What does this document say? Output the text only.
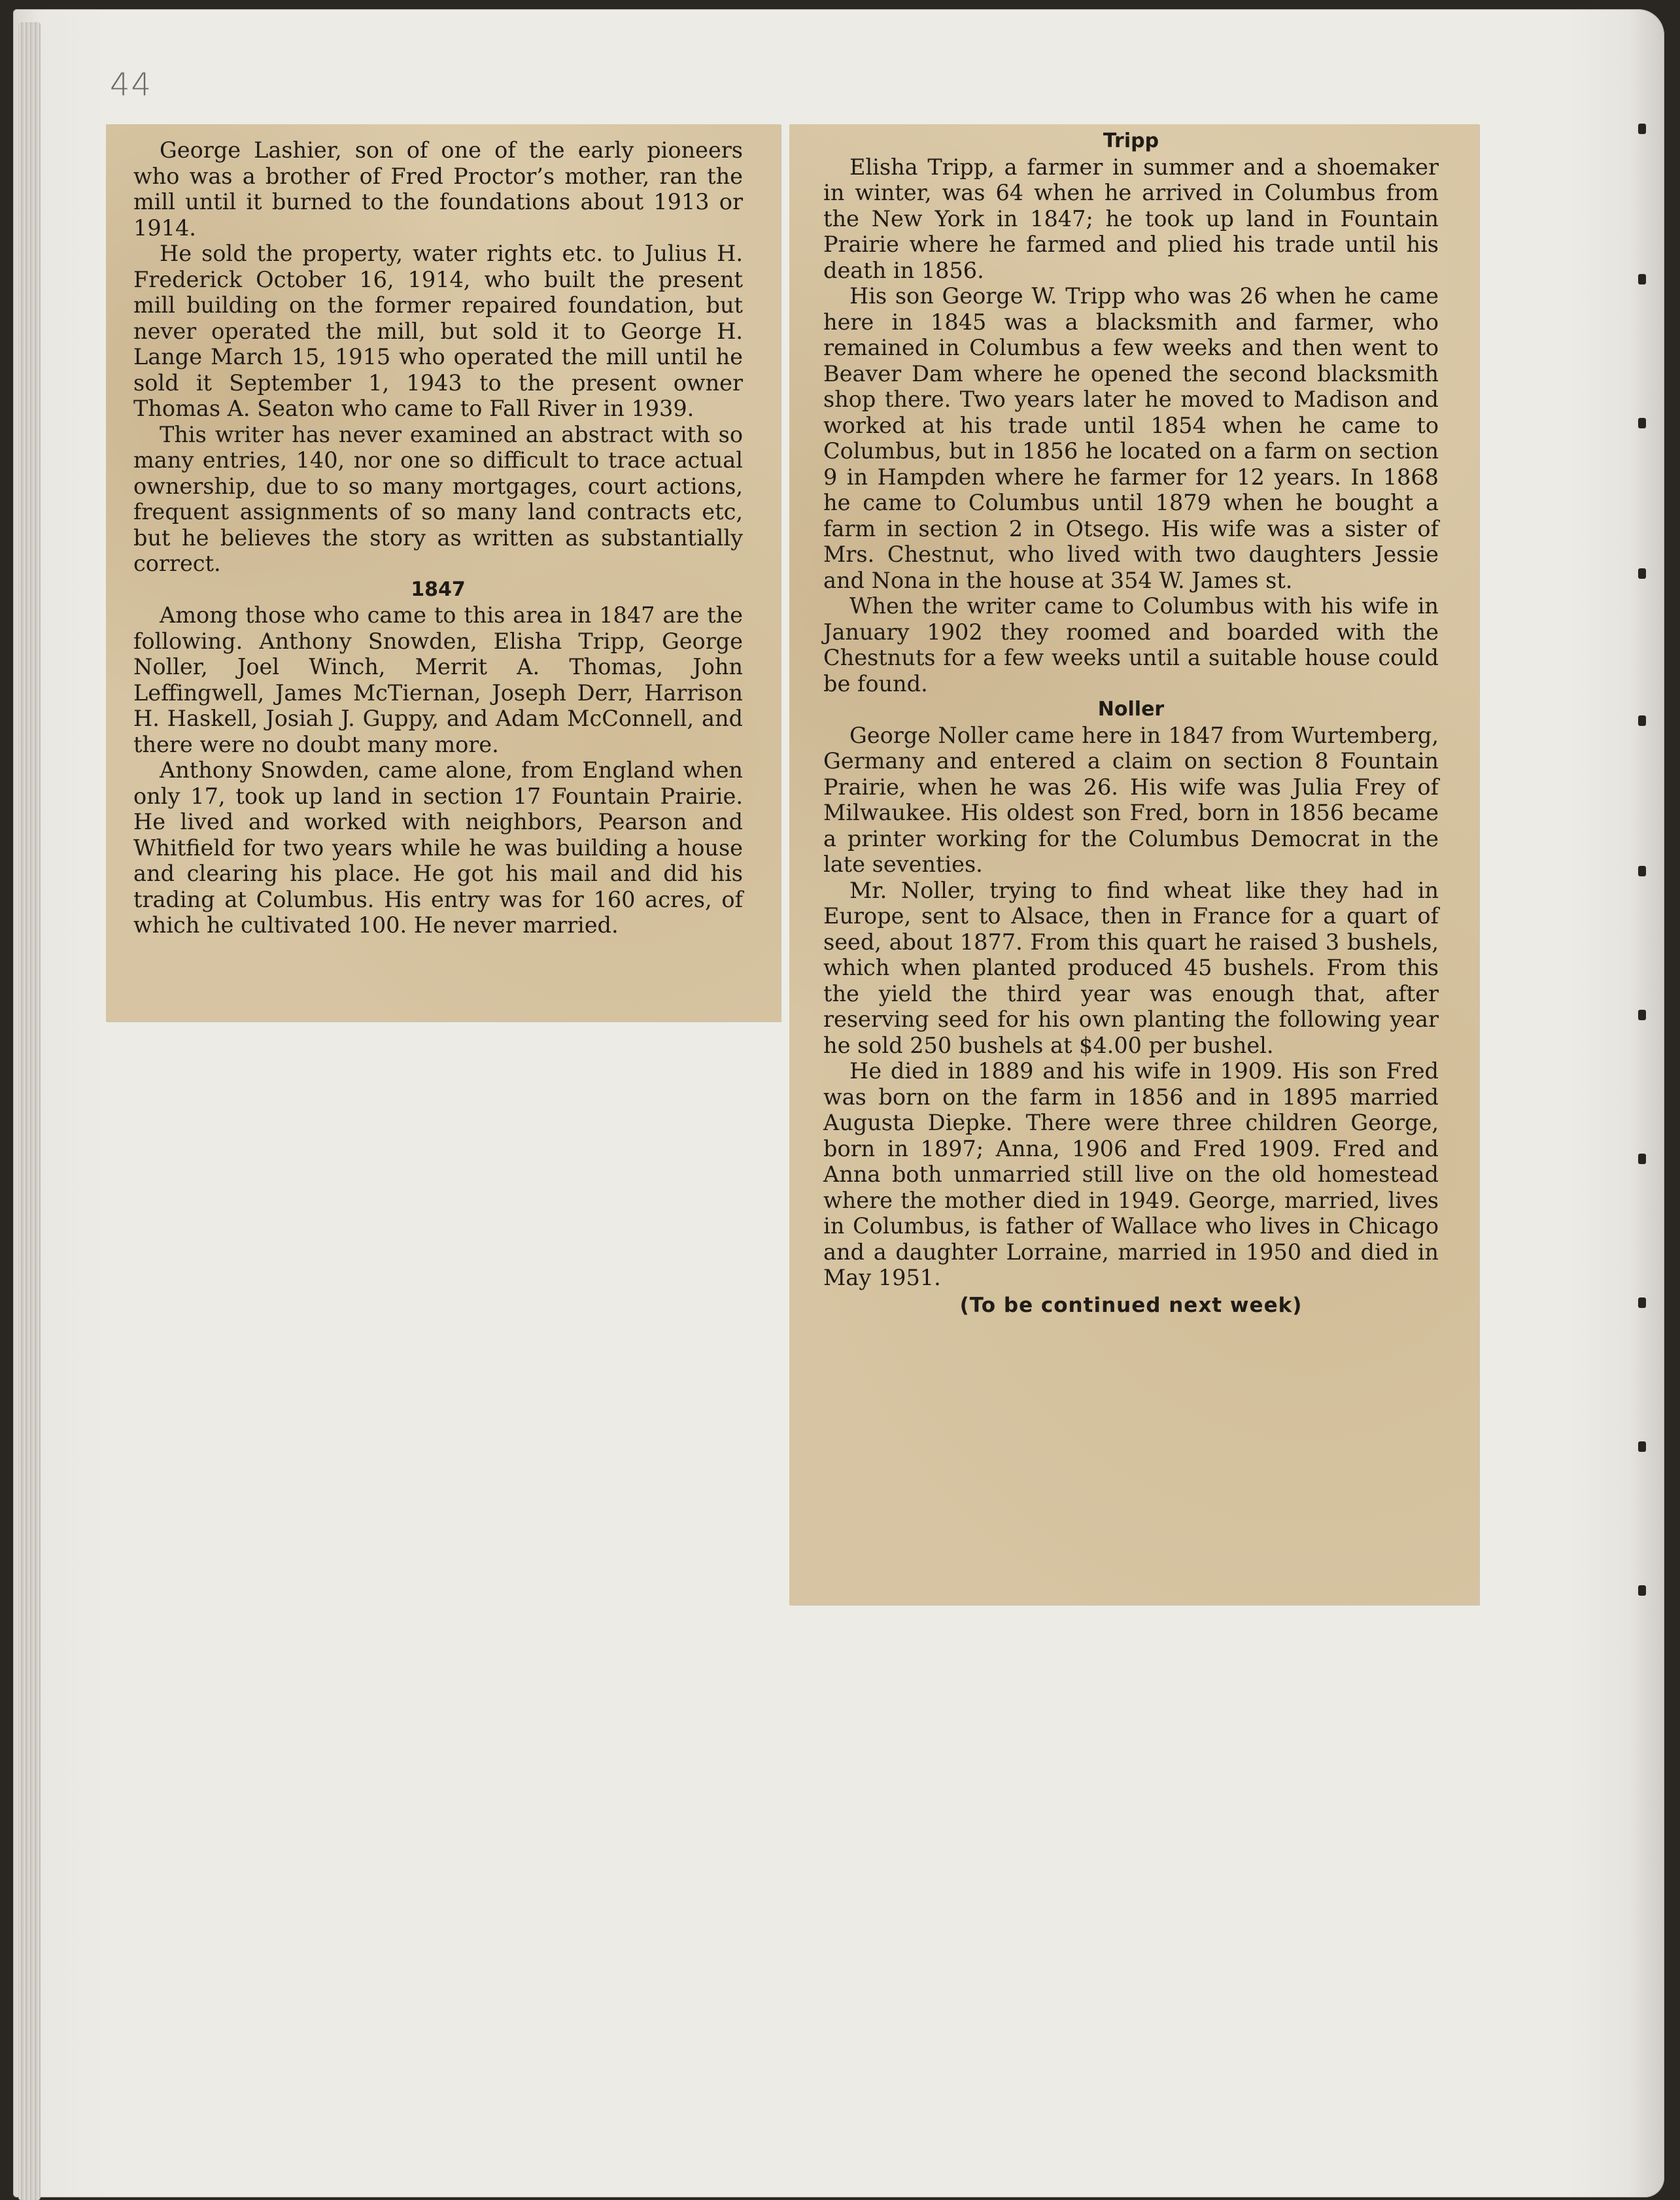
44

George Lashier, son of one of the early pioneers who was a brother of Fred Proctor’s mother, ran the mill until it burned to the foundations about 1913 or 1914.

He sold the property, water rights etc. to Julius H. Frederick October 16, 1914, who built the present mill building on the former repaired foundation, but never operated the mill, but sold it to George H. Lange March 15, 1915 who operated the mill until he sold it September 1, 1943 to the present owner Thomas A. Seaton who came to Fall River in 1939.

This writer has never examined an abstract with so many entries, 140, nor one so difficult to trace actual ownership, due to so many mortgages, court actions, frequent assignments of so many land contracts etc, but he believes the story as written as substantially correct.

1847

Among those who came to this area in 1847 are the following. Anthony Snowden, Elisha Tripp, George Noller, Joel Winch, Merrit A. Thomas, John Leffingwell, James McTiernan, Joseph Derr, Harrison H. Haskell, Josiah J. Guppy, and Adam McConnell, and there were no doubt many more.

Anthony Snowden, came alone, from England when only 17, took up land in section 17 Fountain Prairie. He lived and worked with neighbors, Pearson and Whitfield for two years while he was building a house and clearing his place. He got his mail and did his trading at Columbus. His entry was for 160 acres, of which he cultivated 100. He never married.

Tripp

Elisha Tripp, a farmer in summer and a shoemaker in winter, was 64 when he arrived in Columbus from the New York in 1847; he took up land in Fountain Prairie where he farmed and plied his trade until his death in 1856.

His son George W. Tripp who was 26 when he came here in 1845 was a blacksmith and farmer, who remained in Columbus a few weeks and then went to Beaver Dam where he opened the second blacksmith shop there. Two years later he moved to Madison and worked at his trade until 1854 when he came to Columbus, but in 1856 he located on a farm on section 9 in Hampden where he farmer for 12 years. In 1868 he came to Columbus until 1879 when he bought a farm in section 2 in Otsego. His wife was a sister of Mrs. Chestnut, who lived with two daughters Jessie and Nona in the house at 354 W. James st.

When the writer came to Columbus with his wife in January 1902 they roomed and boarded with the Chestnuts for a few weeks until a suitable house could be found.

Noller

George Noller came here in 1847 from Wurtemberg, Germany and entered a claim on section 8 Fountain Prairie, when he was 26. His wife was Julia Frey of Milwaukee. His oldest son Fred, born in 1856 became a printer working for the Columbus Democrat in the late seventies.

Mr. Noller, trying to find wheat like they had in Europe, sent to Alsace, then in France for a quart of seed, about 1877. From this quart he raised 3 bushels, which when planted produced 45 bushels. From this the yield the third year was enough that, after reserving seed for his own planting the following year he sold 250 bushels at $4.00 per bushel.

He died in 1889 and his wife in 1909. His son Fred was born on the farm in 1856 and in 1895 married Augusta Diepke. There were three children George, born in 1897; Anna, 1906 and Fred 1909. Fred and Anna both unmarried still live on the old homestead where the mother died in 1949. George, married, lives in Columbus, is father of Wallace who lives in Chicago and a daughter Lorraine, married in 1950 and died in May 1951.

(To be continued next week)
